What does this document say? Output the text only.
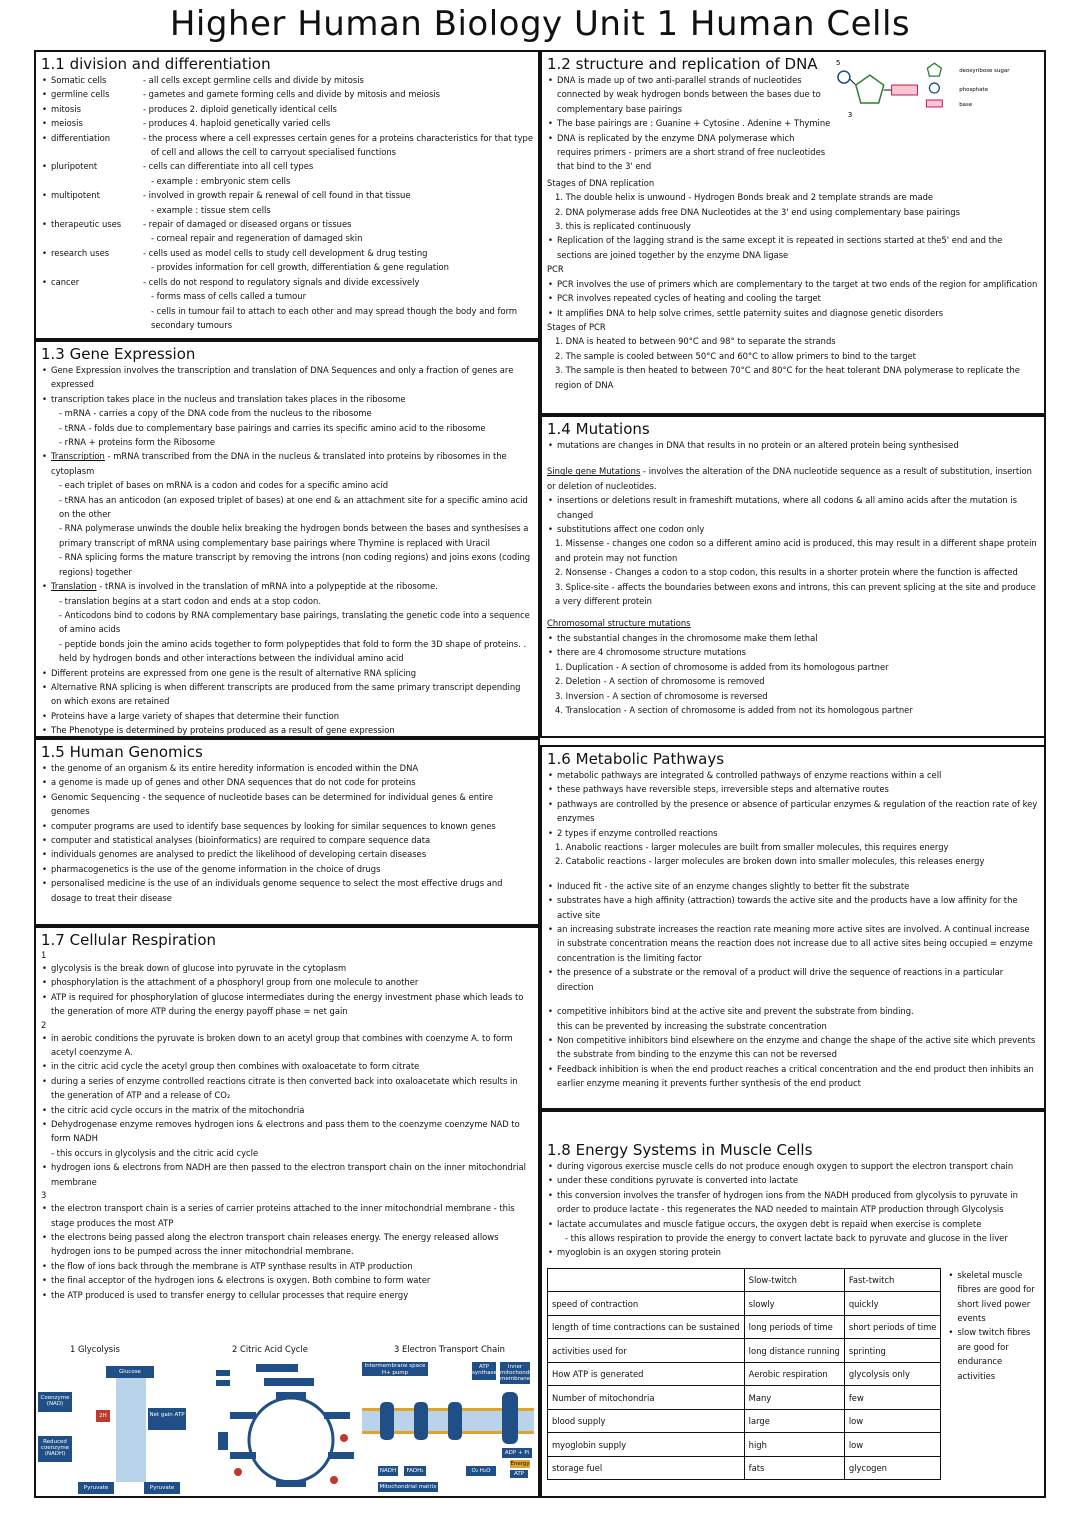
Higher Human Biology Unit 1 Human Cells
1.1 division and differentiation
• Somatic cells	- all cells except germline cells and divide by mitosis
• germline cells	- gametes and gamete forming cells and divide by mitosis and meiosis
• mitosis	- produces 2. diploid genetically identical cells
• meiosis	- produces 4. haploid genetically varied cells
• differentiation	- the process where a cell expresses certain genes for a proteins characteristics for that type
of cell and allows the cell to carryout specialised functions
• pluripotent	- cells can differentiate into all cell types
- example : embryonic stem cells
• multipotent	- involved in growth repair & renewal of cell found in that tissue
- example : tissue stem cells
• therapeutic uses	- repair of damaged or diseased organs or tissues
- corneal repair and regeneration of damaged skin
• research uses	- cells used as model cells to study cell development & drug testing
- provides information for cell growth, differentiation & gene regulation
• cancer	- cells do not respond to regulatory signals and divide excessively
- forms mass of cells called a tumour
- cells in tumour fail to attach to each other and may spread though the body and form
secondary tumours
1.2 structure and replication of DNA
• DNA is made up of two anti-parallel strands of nucleotides connected by weak hydrogen bonds between the bases due to complementary base pairings
• The base pairings are : Guanine + Cytosine . Adenine + Thymine
• DNA is replicated by the enzyme DNA polymerase which requires primers - primers are a short strand of free nucleotides that bind to the 3' end
5
3
deoxyribose sugar
phosphate
base
Stages of DNA replication
1. The double helix is unwound - Hydrogen Bonds break and 2 template strands are made
2. DNA polymerase adds free DNA Nucleotides at the 3' end using complementary base pairings
3. this is replicated continuously
• Replication of the lagging strand is the same except it is repeated in sections started at the5' end and the sections are joined together by the enzyme DNA ligase
PCR
• PCR involves the use of primers which are complementary to the target at two ends of the region for amplification
• PCR involves repeated cycles of heating and cooling the target
• It amplifies DNA to help solve crimes, settle paternity suites and diagnose genetic disorders
Stages of PCR
1. DNA is heated to between 90°C and 98° to separate the strands
2. The sample is cooled between 50°C and 60°C to allow primers to bind to the target
3. The sample is then heated to between 70°C and 80°C for the heat tolerant DNA polymerase to replicate the region of DNA
1.3 Gene Expression
• Gene Expression involves the transcription and translation of DNA Sequences and only a fraction of genes are expressed
• transcription takes place in the nucleus and translation takes places in the ribosome
- mRNA - carries a copy of the DNA code from the nucleus to the ribosome
- tRNA - folds due to complementary base pairings and carries its specific amino acid to the ribosome
- rRNA + proteins form the Ribosome
• Transcription - mRNA transcribed from the DNA in the nucleus & translated into proteins by ribosomes in the cytoplasm
- each triplet of bases on mRNA is a codon and codes for a specific amino acid
- tRNA has an anticodon (an exposed triplet of bases) at one end & an attachment site for a specific amino acid on the other
- RNA polymerase unwinds the double helix breaking the hydrogen bonds between the bases and synthesises a primary transcript of mRNA using complementary base pairings where Thymine is replaced with Uracil
- RNA splicing forms the mature transcript by removing the introns (non coding regions) and joins exons (coding regions) together
• Translation - tRNA is involved in the translation of mRNA into a polypeptide at the ribosome.
- translation begins at a start codon and ends at a stop codon.
- Anticodons bind to codons by RNA complementary base pairings, translating the genetic code into a sequence of amino acids
- peptide bonds join the amino acids together to form polypeptides that fold to form the 3D shape of proteins. . held by hydrogen bonds and other interactions between the individual amino acid
• Different proteins are expressed from one gene is the result of alternative RNA splicing
• Alternative RNA splicing is when different transcripts are produced from the same primary transcript depending on which exons are retained
• Proteins have a large variety of shapes that determine their function
• The Phenotype is determined by proteins produced as a result of gene expression
1.4 Mutations
• mutations are changes in DNA that results in no protein or an altered protein being synthesised
Single gene Mutations - involves the alteration of the DNA nucleotide sequence as a result of substitution, insertion or deletion of nucleotides.
• insertions or deletions result in frameshift mutations, where all codons & all amino acids after the mutation is changed
• substitutions affect one codon only
1. Missense - changes one codon so a different amino acid is produced, this may result in a different shape protein and protein may not function
2. Nonsense - Changes a codon to a stop codon, this results in a shorter protein where the function is affected
3. Splice-site - affects the boundaries between exons and introns, this can prevent splicing at the site and produce a very different protein
Chromosomal structure mutations
• the substantial changes in the chromosome make them lethal
• there are 4 chromosome structure mutations
1. Duplication - A section of chromosome is added from its homologous partner
2. Deletion - A section of chromosome is removed
3. Inversion - A section of chromosome is reversed
4. Translocation - A section of chromosome is added from not its homologous partner
1.5 Human Genomics
• the genome of an organism & its entire heredity information is encoded within the DNA
• a genome is made up of genes and other DNA sequences that do not code for proteins
• Genomic Sequencing - the sequence of nucleotide bases can be determined for individual genes & entire genomes
• computer programs are used to identify base sequences by looking for similar sequences to known genes
• computer and statistical analyses (bioinformatics) are required to compare sequence data
• individuals genomes are analysed to predict the likelihood of developing certain diseases
• pharmacogenetics is the use of the genome information in the choice of drugs
• personalised medicine is the use of an individuals genome sequence to select the most effective drugs and dosage to treat their disease
1.6 Metabolic Pathways
• metabolic pathways are integrated & controlled pathways of enzyme reactions within a cell
• these pathways have reversible steps, irreversible steps and alternative routes
• pathways are controlled by the presence or absence of particular enzymes & regulation of the reaction rate of key enzymes
• 2 types if enzyme controlled reactions
1. Anabolic reactions - larger molecules are built from smaller molecules, this requires energy
2. Catabolic reactions - larger molecules are broken down into smaller molecules, this releases energy
• Induced fit - the active site of an enzyme changes slightly to better fit the substrate
• substrates have a high affinity (attraction) towards the active site and the products have a low affinity for the active site
• an increasing substrate increases the reaction rate meaning more active sites are involved. A continual increase in substrate concentration means the reaction does not increase due to all active sites being occupied = enzyme concentration is the limiting factor
• the presence of a substrate or the removal of a product will drive the sequence of reactions in a particular direction
• competitive inhibitors bind at the active site and prevent the substrate from binding.
this can be prevented by increasing the substrate concentration
• Non competitive inhibitors bind elsewhere on the enzyme and change the shape of the active site which prevents the substrate from binding to the enzyme this can not be reversed
• Feedback inhibition is when the end product reaches a critical concentration and the end product then inhibits an earlier enzyme meaning it prevents further synthesis of the end product
1.7 Cellular Respiration
1
• glycolysis is the break down of glucose into pyruvate in the cytoplasm
• phosphorylation is the attachment of a phosphoryl group from one molecule to another
• ATP is required for phosphorylation of glucose intermediates during the energy investment phase which leads to the generation of more ATP during the energy payoff phase = net gain
2
• in aerobic conditions the pyruvate is broken down to an acetyl group that combines with coenzyme A. to form acetyl coenzyme A.
• in the citric acid cycle the acetyl group then combines with oxaloacetate to form citrate
• during a series of enzyme controlled reactions citrate is then converted back into oxaloacetate which results in the generation of ATP and a release of CO₂
• the citric acid cycle occurs in the matrix of the mitochondria
• Dehydrogenase enzyme removes hydrogen ions & electrons and pass them to the coenzyme coenzyme NAD to form NADH
- this occurs in glycolysis and the citric acid cycle
• hydrogen ions & electrons from NADH are then passed to the electron transport chain on the inner mitochondrial membrane
3
• the electron transport chain is a series of carrier proteins attached to the inner mitochondrial membrane - this stage produces the most ATP
• the electrons being passed along the electron transport chain releases energy. The energy released allows hydrogen ions to be pumped across the inner mitochondrial membrane.
• the flow of ions back through the membrane is ATP synthase results in ATP production
• the final acceptor of the hydrogen ions & electrons is oxygen. Both combine to form water
• the ATP produced is used to transfer energy to cellular processes that require energy
1 Glycolysis	2 Citric Acid Cycle	3 Electron Transport Chain
Glucose
Coenzyme (NAD)
2H	Net gain ATP
Reduced coenzyme (NADH)
Pyruvate	Pyruvate
Intermembrane space
H+ pump
ATP synthase
Inner mitochondrial membrane
ADP + Pi
Energy
ATP
NADH	FADH₂	O₂ H₂O
Mitochondrial matrix
1.8 Energy Systems in Muscle Cells
• during vigorous exercise muscle cells do not produce enough oxygen to support the electron transport chain
• under these conditions pyruvate is converted into lactate
• this conversion involves the transfer of hydrogen ions from the NADH produced from glycolysis to pyruvate in order to produce lactate - this regenerates the NAD needed to maintain ATP production through Glycolysis
• lactate accumulates and muscle fatigue occurs, the oxygen debt is repaid when exercise is complete
- this allows respiration to provide the energy to convert lactate back to pyruvate and glucose in the liver
• myoglobin is an oxygen storing protein
	Slow-twitch	Fast-twitch
speed of contraction	slowly	quickly
length of time contractions can be sustained	long periods of time	short periods of time
activities used for	long distance running	sprinting
How ATP is generated	Aerobic respiration	glycolysis only
Number of mitochondria	Many	few
blood supply	large	low
myoglobin supply	high	low
storage fuel	fats	glycogen
• skeletal muscle fibres are good for short lived power events
• slow twitch fibres are good for endurance activities
